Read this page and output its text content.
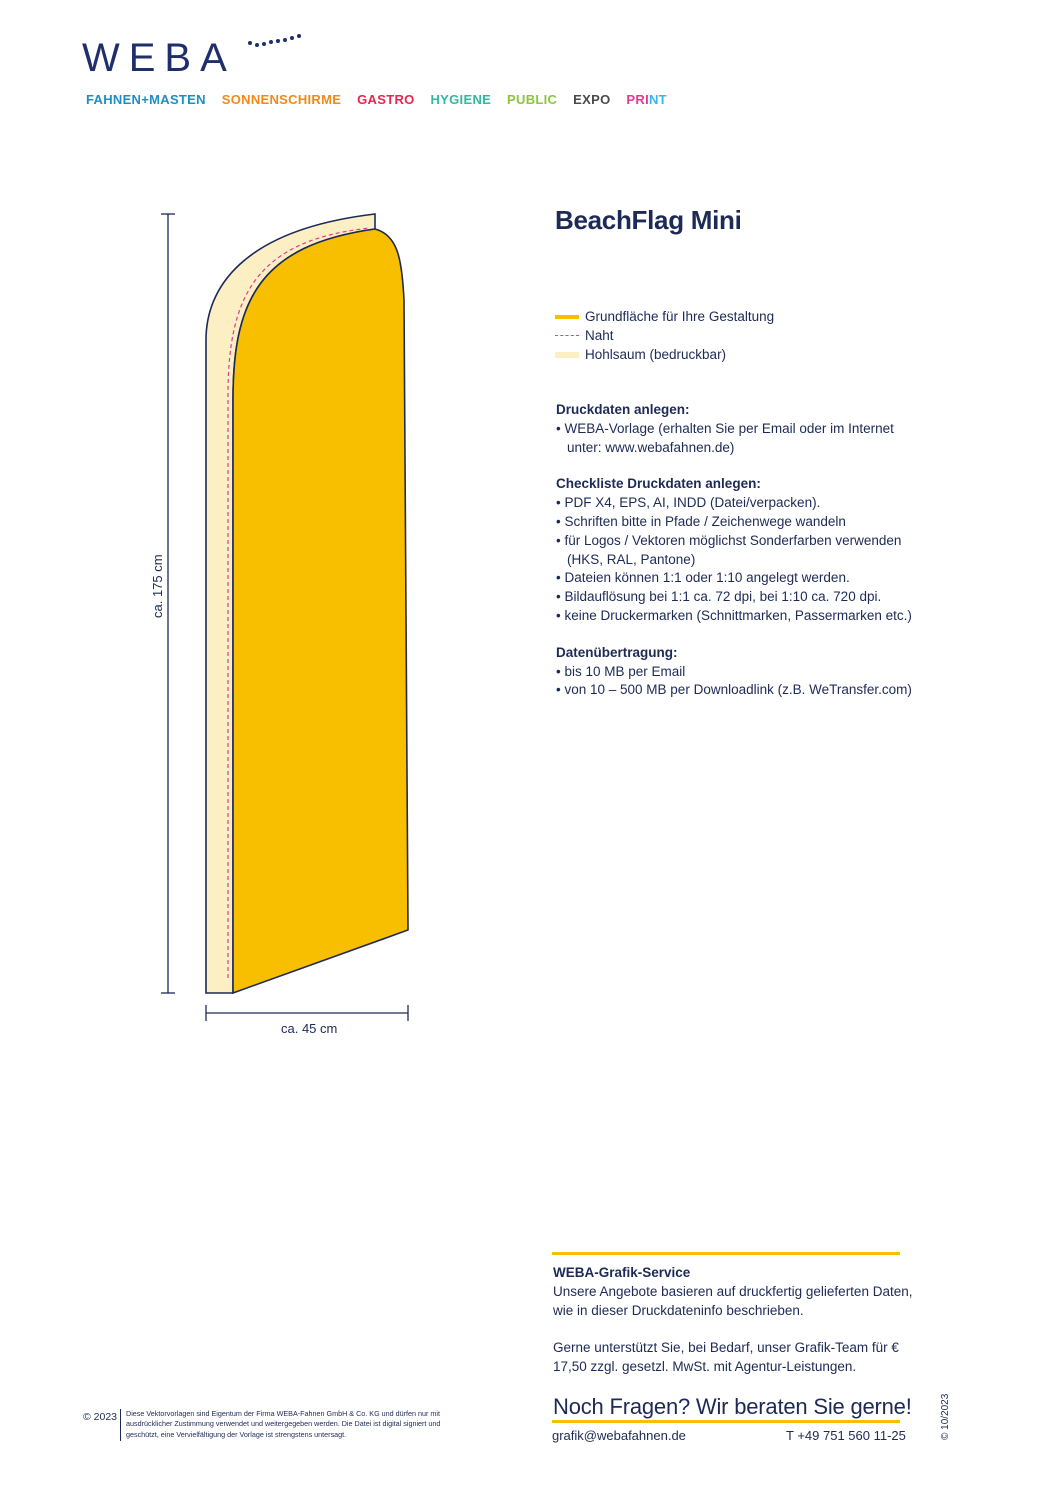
WEBA
FAHNEN+MASTEN SONNENSCHIRME GASTRO HYGIENE PUBLIC EXPO PRINT
ca. 175 cm
ca. 45 cm
BeachFlag Mini
Grundfläche für Ihre Gestaltung
Naht
Hohlsaum (bedruckbar)
Druckdaten anlegen:
• WEBA-Vorlage (erhalten Sie per Email oder im Internet unter: www.webafahnen.de)
Checkliste Druckdaten anlegen:
• PDF X4, EPS, AI, INDD (Datei/verpacken).
• Schriften bitte in Pfade / Zeichenwege wandeln
• für Logos / Vektoren möglichst Sonderfarben verwenden (HKS, RAL, Pantone)
• Dateien können 1:1 oder 1:10 angelegt werden.
• Bildauflösung bei 1:1 ca. 72 dpi, bei 1:10 ca. 720 dpi.
• keine Druckermarken (Schnittmarken, Passermarken etc.)
Datenübertragung:
• bis 10 MB per Email
• von 10 – 500 MB per Downloadlink (z.B. WeTransfer.com)
WEBA-Grafik-Service

Unsere Angebote basieren auf druckfertig gelieferten Daten, wie in dieser Druckdateninfo beschrieben.

Gerne unterstützt Sie, bei Bedarf, unser Grafik-Team für € 17,50 zzgl. gesetzl. MwSt. mit Agentur-Leistungen.

Noch Fragen? Wir beraten Sie gerne!
grafik@webafahnen.de	T +49 751 560 11-25
© 2023 Diese Vektorvorlagen sind Eigentum der Firma WEBA-Fahnen GmbH & Co. KG und dürfen nur mit ausdrücklicher Zustimmung verwendet und weitergegeben werden. Die Datei ist digital signiert und geschützt, eine Vervielfältigung der Vorlage ist strengstens untersagt.	© 10/2023
